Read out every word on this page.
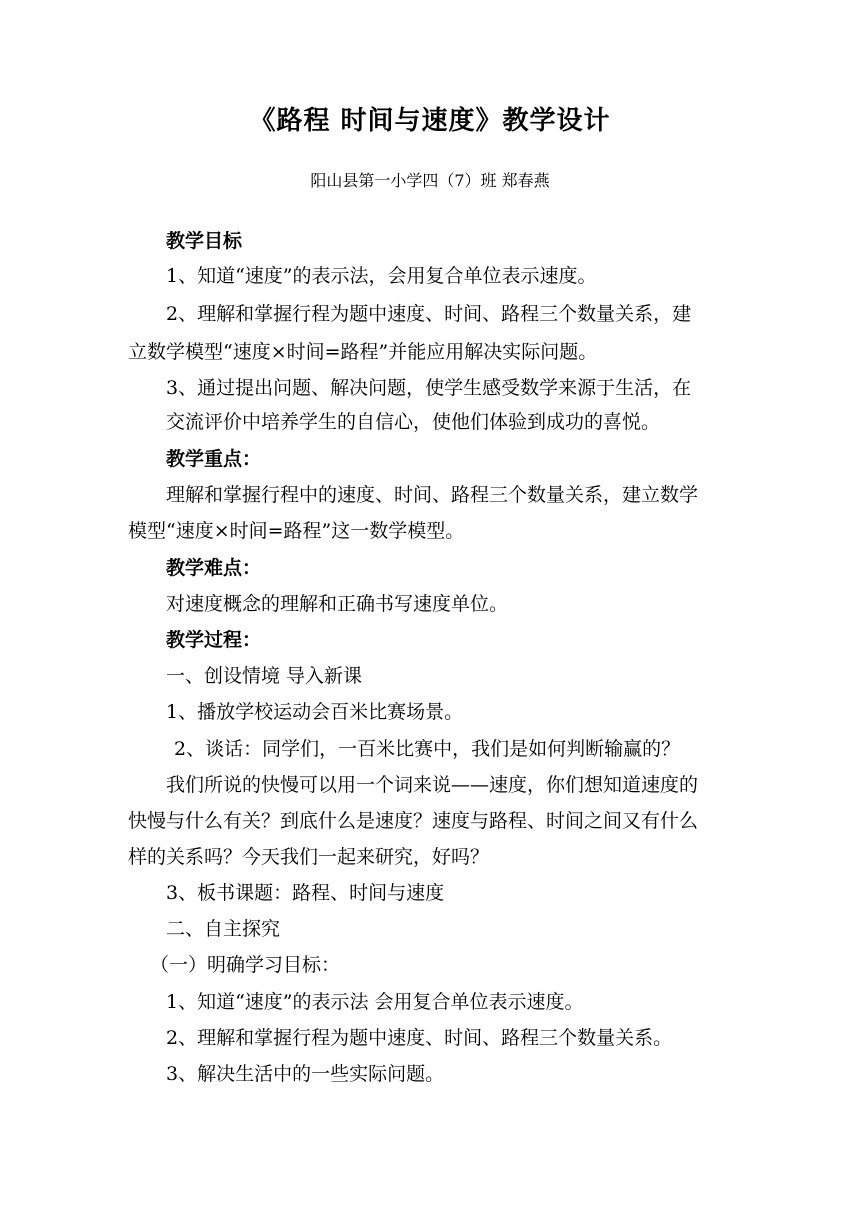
《路程 时间与速度》教学设计
阳山县第一小学四（7）班 郑春燕
教学目标
1、知道“速度”的表示法，会用复合单位表示速度。
2、理解和掌握行程为题中速度、时间、路程三个数量关系，建
立数学模型“速度×时间=路程”并能应用解决实际问题。
3、通过提出问题、解决问题，使学生感受数学来源于生活，在
交流评价中培养学生的自信心，使他们体验到成功的喜悦。
教学重点：
理解和掌握行程中的速度、时间、路程三个数量关系，建立数学
模型“速度×时间=路程”这一数学模型。
教学难点：
对速度概念的理解和正确书写速度单位。
教学过程：
一、创设情境 导入新课
1、播放学校运动会百米比赛场景。
2、谈话：同学们，一百米比赛中，我们是如何判断输赢的？
我们所说的快慢可以用一个词来说——速度，你们想知道速度的
快慢与什么有关？到底什么是速度？速度与路程、时间之间又有什么
样的关系吗？今天我们一起来研究，好吗？
3、板书课题：路程、时间与速度
二、自主探究
（一）明确学习目标：
1、知道“速度”的表示法 会用复合单位表示速度。
2、理解和掌握行程为题中速度、时间、路程三个数量关系。
3、解决生活中的一些实际问题。
